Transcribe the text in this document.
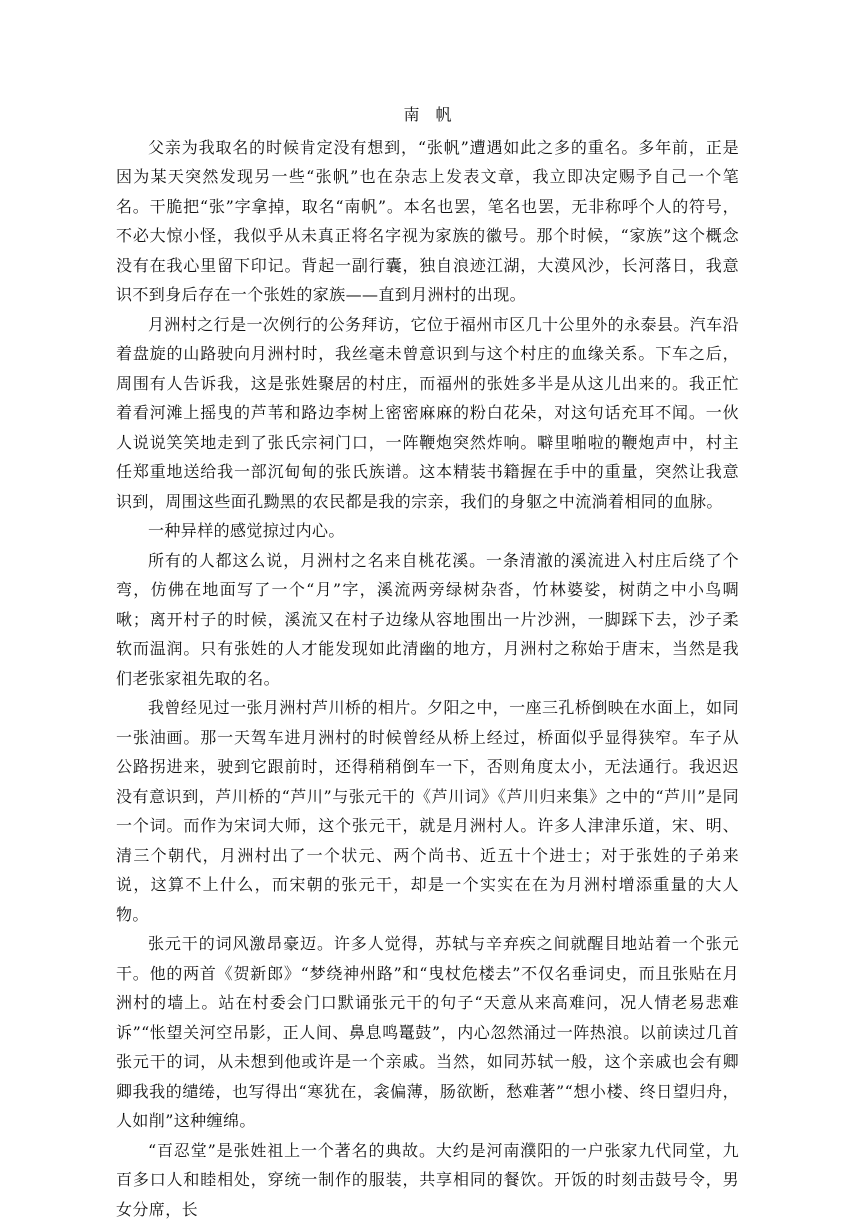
南帆

父亲为我取名的时候肯定没有想到，“张帆”遭遇如此之多的重名。多年前，正是因为某天突然发现另一些“张帆”也在杂志上发表文章，我立即决定赐予自己一个笔名。干脆把“张”字拿掉，取名“南帆”。本名也罢，笔名也罢，无非称呼个人的符号，不必大惊小怪，我似乎从未真正将名字视为家族的徽号。那个时候，“家族”这个概念没有在我心里留下印记。背起一副行囊，独自浪迹江湖，大漠风沙，长河落日，我意识不到身后存在一个张姓的家族——直到月洲村的出现。

月洲村之行是一次例行的公务拜访，它位于福州市区几十公里外的永泰县。汽车沿着盘旋的山路驶向月洲村时，我丝毫未曾意识到与这个村庄的血缘关系。下车之后，周围有人告诉我，这是张姓聚居的村庄，而福州的张姓多半是从这儿出来的。我正忙着看河滩上摇曳的芦苇和路边李树上密密麻麻的粉白花朵，对这句话充耳不闻。一伙人说说笑笑地走到了张氏宗祠门口，一阵鞭炮突然炸响。噼里啪啦的鞭炮声中，村主任郑重地送给我一部沉甸甸的张氏族谱。这本精装书籍握在手中的重量，突然让我意识到，周围这些面孔黝黑的农民都是我的宗亲，我们的身躯之中流淌着相同的血脉。

一种异样的感觉掠过内心。

所有的人都这么说，月洲村之名来自桃花溪。一条清澈的溪流进入村庄后绕了个弯，仿佛在地面写了一个“月”字，溪流两旁绿树杂沓，竹林婆娑，树荫之中小鸟啁啾；离开村子的时候，溪流又在村子边缘从容地围出一片沙洲，一脚踩下去，沙子柔软而温润。只有张姓的人才能发现如此清幽的地方，月洲村之称始于唐末，当然是我们老张家祖先取的名。

我曾经见过一张月洲村芦川桥的相片。夕阳之中，一座三孔桥倒映在水面上，如同一张油画。那一天驾车进月洲村的时候曾经从桥上经过，桥面似乎显得狭窄。车子从公路拐进来，驶到它跟前时，还得稍稍倒车一下，否则角度太小，无法通行。我迟迟没有意识到，芦川桥的“芦川”与张元干的《芦川词》《芦川归来集》之中的“芦川”是同一个词。而作为宋词大师，这个张元干，就是月洲村人。许多人津津乐道，宋、明、清三个朝代，月洲村出了一个状元、两个尚书、近五十个进士；对于张姓的子弟来说，这算不上什么，而宋朝的张元干，却是一个实实在在为月洲村增添重量的大人物。

张元干的词风激昂豪迈。许多人觉得，苏轼与辛弃疾之间就醒目地站着一个张元干。他的两首《贺新郎》“梦绕神州路”和“曳杖危楼去”不仅名垂词史，而且张贴在月洲村的墙上。站在村委会门口默诵张元干的句子“天意从来高难问，况人情老易悲难诉”“怅望关河空吊影，正人间、鼻息鸣鼍鼓”，内心忽然涌过一阵热浪。以前读过几首张元干的词，从未想到他或许是一个亲戚。当然，如同苏轼一般，这个亲戚也会有卿卿我我的缱绻，也写得出“寒犹在，衾偏薄，肠欲断，愁难著”“想小楼、终日望归舟，人如削”这种缠绵。

“百忍堂”是张姓祖上一个著名的典故。大约是河南濮阳的一户张家九代同堂，九百多口人和睦相处，穿统一制作的服装，共享相同的餐饮。开饭的时刻击鼓号令，男女分席，长
